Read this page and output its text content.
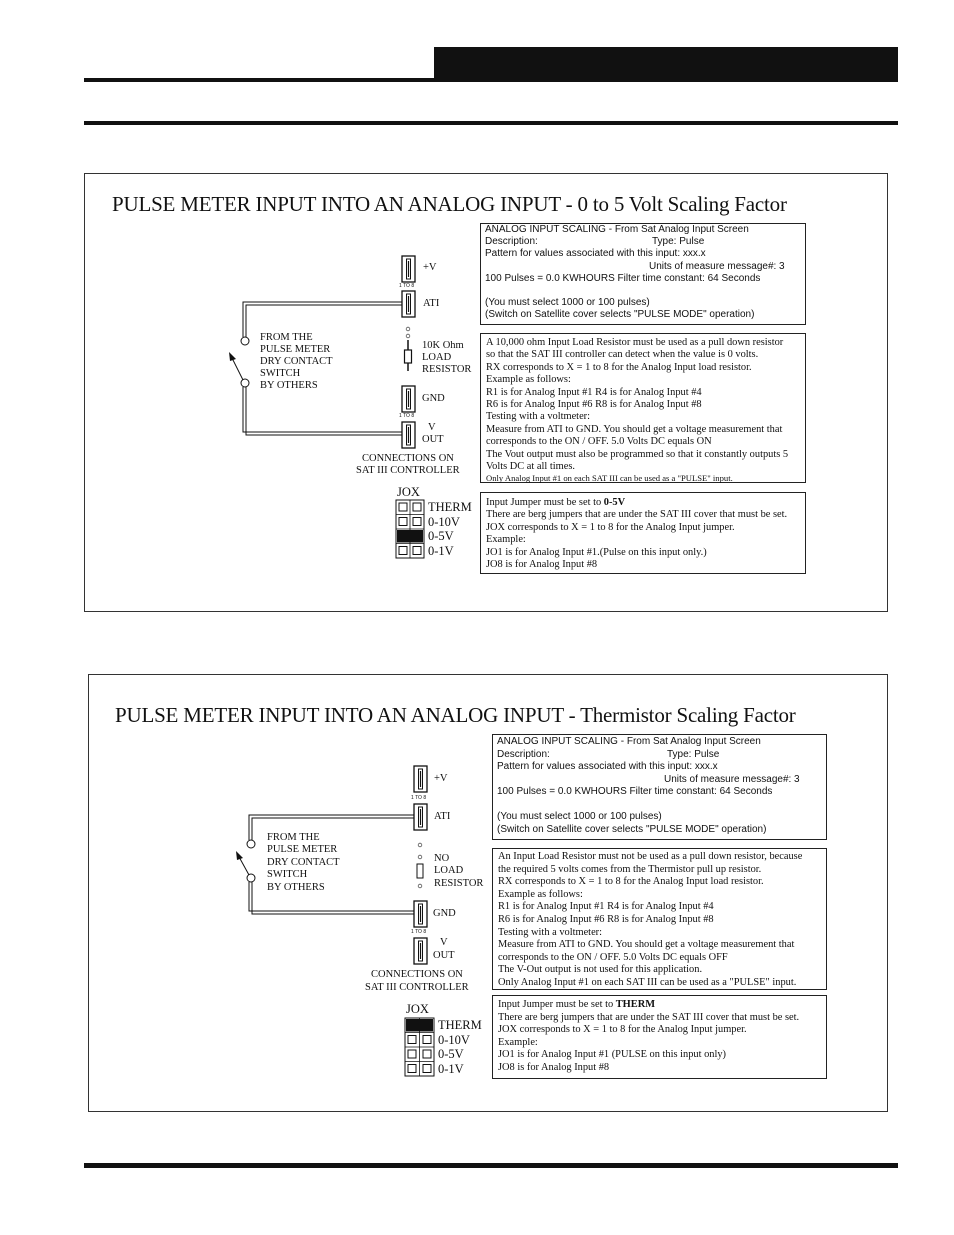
PULSE METER INPUT INTO AN ANALOG INPUT - 0 to 5 Volt Scaling Factor
+V
1 TO 8
ATI
GND
1 TO 8
V
OUT
10K Ohm
LOAD
RESISTOR
FROM THE
PULSE METER
DRY CONTACT
SWITCH
BY OTHERS
CONNECTIONS ON
SAT III CONTROLLER
JOX
THERM
0-10V
0-5V
0-1V
ANALOG INPUT SCALING - From Sat Analog Input Screen
Description:	Type: Pulse
Pattern for values associated with this input: xxx.x
Units of measure message#: 3
100 Pulses = 0.0 KWHOURS Filter time constant: 64 Seconds
(You must select 1000 or 100 pulses)
(Switch on Satellite cover selects "PULSE MODE" operation)
A 10,000 ohm Input Load Resistor must be used as a pull down resistor
so that the SAT III controller can detect when the value is 0 volts.
RX corresponds to X = 1 to 8 for the Analog Input load resistor.
Example as follows:
R1 is for Analog Input #1 R4 is for Analog Input #4
R6 is for Analog Input #6 R8 is for Analog Input #8
Testing with a voltmeter:
Measure from ATI to GND. You should get a voltage measurement that
corresponds to the ON / OFF. 5.0 Volts DC equals ON
The Vout output must also be programmed so that it constantly outputs 5
Volts DC at all times.
Only Analog Input #1 on each SAT III can be used as a "PULSE" input.
Input Jumper must be set to 0-5V
There are berg jumpers that are under the SAT III cover that must be set.
JOX corresponds to X = 1 to 8 for the Analog Input jumper.
Example:
JO1 is for Analog Input #1.(Pulse on this input only.)
JO8 is for Analog Input #8
PULSE METER INPUT INTO AN ANALOG INPUT - Thermistor Scaling Factor
+V
1 TO 8
ATI
GND
1 TO 8
V
OUT
NO
LOAD
RESISTOR
FROM THE
PULSE METER
DRY CONTACT
SWITCH
BY OTHERS
CONNECTIONS ON
SAT III CONTROLLER
JOX
THERM
0-10V
0-5V
0-1V
ANALOG INPUT SCALING - From Sat Analog Input Screen
Description:	Type: Pulse
Pattern for values associated with this input: xxx.x
Units of measure message#: 3
100 Pulses = 0.0 KWHOURS Filter time constant: 64 Seconds
(You must select 1000 or 100 pulses)
(Switch on Satellite cover selects "PULSE MODE" operation)
An Input Load Resistor must not be used as a pull down resistor, because
the required 5 volts comes from the Thermistor pull up resistor.
RX corresponds to X = 1 to 8 for the Analog Input load resistor.
Example as follows:
R1 is for Analog Input #1 R4 is for Analog Input #4
R6 is for Analog Input #6 R8 is for Analog Input #8
Testing with a voltmeter:
Measure from ATI to GND. You should get a voltage measurement that
corresponds to the ON / OFF. 5.0 Volts DC equals OFF
The V-Out output is not used for this application.
Only Analog Input #1 on each SAT III can be used as a "PULSE" input.
Input Jumper must be set to THERM
There are berg jumpers that are under the SAT III cover that must be set.
JOX corresponds to X = 1 to 8 for the Analog Input jumper.
Example:
JO1 is for Analog Input #1 (PULSE on this input only)
JO8 is for Analog Input #8
